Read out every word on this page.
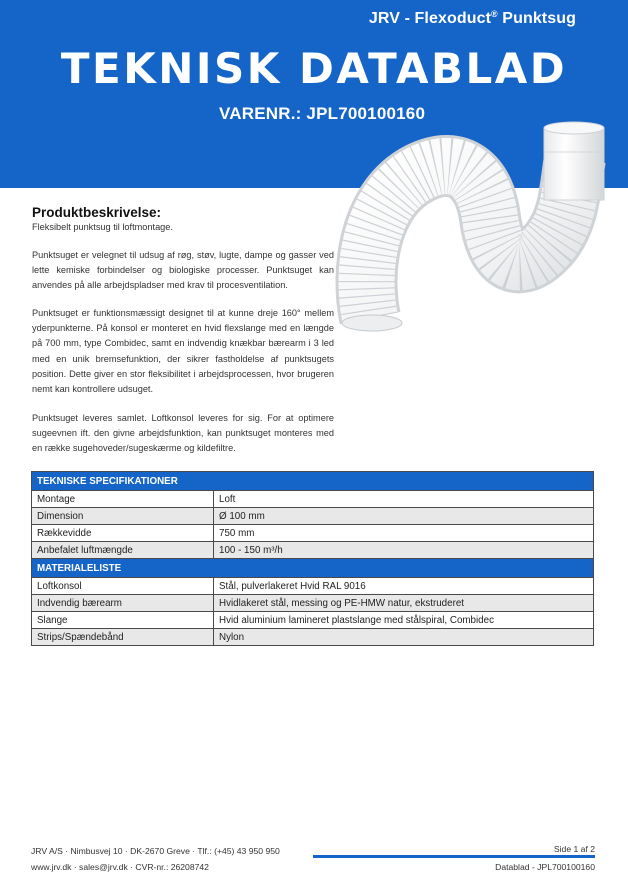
JRV - Flexoduct® Punktsug
TEKNISK DATABLAD
VARENR.: JPL700100160
Produktbeskrivelse:
Fleksibelt punktsug til loftmontage.
Punktsuget er velegnet til udsug af røg, støv, lugte, dampe og gasser ved lette kemiske forbindelser og biologiske processer. Punktsuget kan anvendes på alle arbejdspladser med krav til procesventilation.
Punktsuget er funktionsmæssigt designet til at kunne dreje 160° mellem yderpunkterne. På konsol er monteret en hvid flexslange med en længde på 700 mm, type Combidec, samt en indvendig knækbar bærearm i 3 led med en unik bremsefunktion, der sikrer fastholdelse af punktsugets position. Dette giver en stor fleksibilitet i arbejdsprocessen, hvor brugeren nemt kan kontrollere udsuget.
Punktsuget leveres samlet. Loftkonsol leveres for sig. For at optimere sugeevnen ift. den givne arbejdsfunktion, kan punktsuget monteres med en række sugehoveder/sugeskærme og kildefiltre.
TEKNISKE SPECIFIKATIONER	
Montage	Loft
Dimension	Ø 100 mm
Rækkevidde	750 mm
Anbefalet luftmængde	100 - 150 m³/h
MATERIALELISTE	
Loftkonsol	Stål, pulverlakeret Hvid RAL 9016
Indvendig bærearm	Hvidlakeret stål, messing og PE-HMW natur, ekstruderet
Slange	Hvid aluminium lamineret plastslange med stålspiral, Combidec
Strips/Spændebånd	Nylon
JRV A/S · Nimbusvej 10 · DK-2670 Greve · Tlf.: (+45) 43 950 950
www.jrv.dk · sales@jrv.dk · CVR-nr.: 26208742
Side 1 af 2
Datablad - JPL700100160
